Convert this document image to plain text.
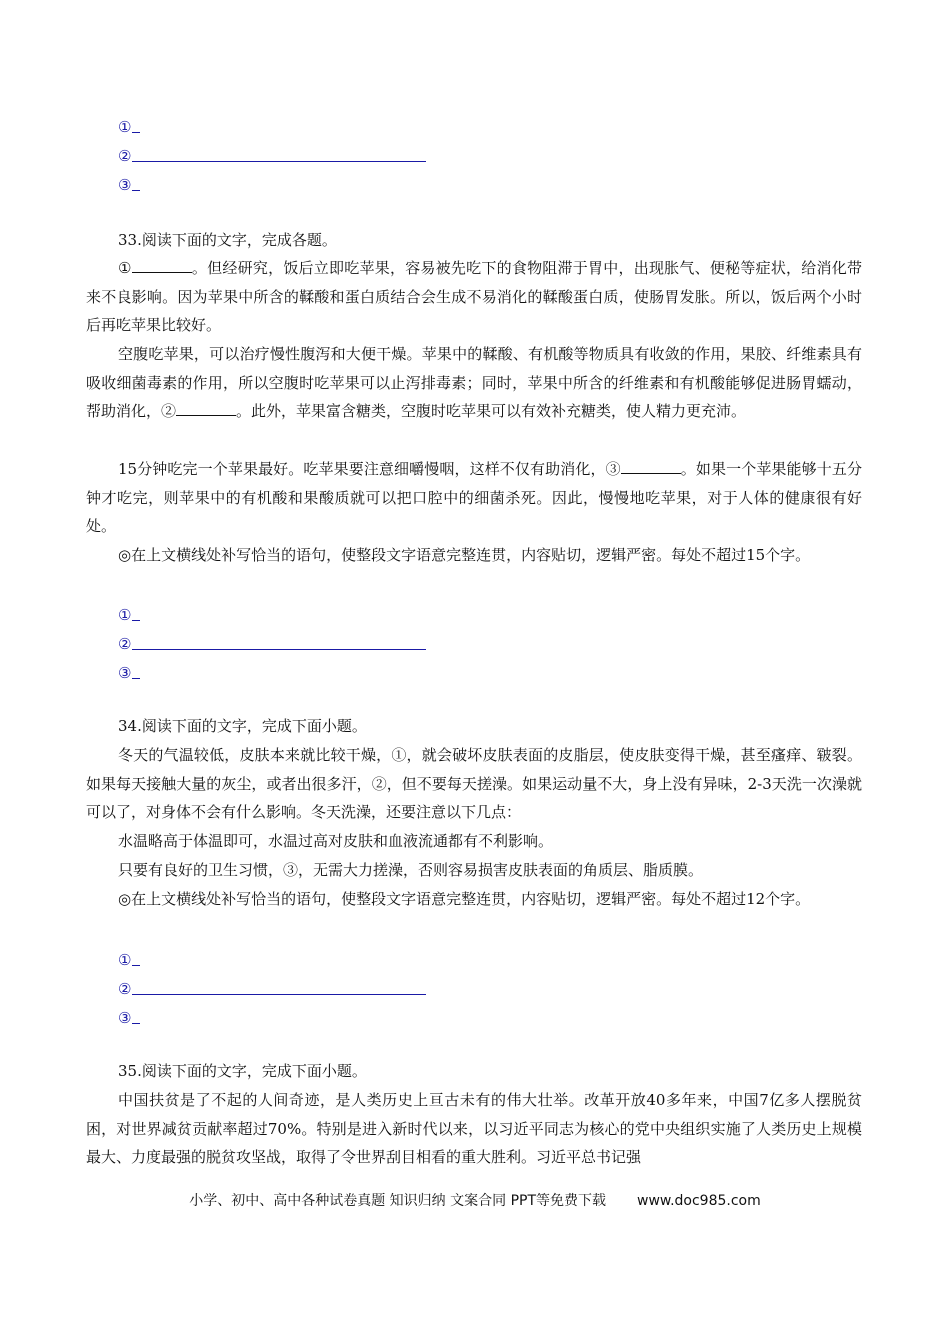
①
②
③
33.阅读下面的文字，完成各题。

①	。但经研究，饭后立即吃苹果，容易被先吃下的食物阻滞于胃中，出现胀气、便秘等症状，给消化带来不良影响。因为苹果中所含的鞣酸和蛋白质结合会生成不易消化的鞣酸蛋白质，使肠胃发胀。所以，饭后两个小时后再吃苹果比较好。

空腹吃苹果，可以治疗慢性腹泻和大便干燥。苹果中的鞣酸、有机酸等物质具有收敛的作用，果胶、纤维素具有吸收细菌毒素的作用，所以空腹时吃苹果可以止泻排毒素；同时，苹果中所含的纤维素和有机酸能够促进肠胃蠕动，帮助消化，②	。此外，苹果富含糖类，空腹时吃苹果可以有效补充糖类，使人精力更充沛。

15分钟吃完一个苹果最好。吃苹果要注意细嚼慢咽，这样不仅有助消化，③	。如果一个苹果能够十五分钟才吃完，则苹果中的有机酸和果酸质就可以把口腔中的细菌杀死。因此，慢慢地吃苹果，对于人体的健康很有好处。

◎在上文横线处补写恰当的语句，使整段文字语意完整连贯，内容贴切，逻辑严密。每处不超过15个字。

①
②
③
34.阅读下面的文字，完成下面小题。

冬天的气温较低，皮肤本来就比较干燥，①，就会破坏皮肤表面的皮脂层，使皮肤变得干燥，甚至瘙痒、皲裂。如果每天接触大量的灰尘，或者出很多汗，②，但不要每天搓澡。如果运动量不大，身上没有异味，2-3天洗一次澡就可以了，对身体不会有什么影响。冬天洗澡，还要注意以下几点：

水温略高于体温即可，水温过高对皮肤和血液流通都有不利影响。

只要有良好的卫生习惯，③，无需大力搓澡，否则容易损害皮肤表面的角质层、脂质膜。

◎在上文横线处补写恰当的语句，使整段文字语意完整连贯，内容贴切，逻辑严密。每处不超过12个字。

①
②
③
35.阅读下面的文字，完成下面小题。

中国扶贫是了不起的人间奇迹，是人类历史上亘古未有的伟大壮举。改革开放40多年来，中国7亿多人摆脱贫困，对世界减贫贡献率超过70%。特别是进入新时代以来，以习近平同志为核心的党中央组织实施了人类历史上规模最大、力度最强的脱贫攻坚战，取得了令世界刮目相看的重大胜利。习近平总书记强

小学、初中、高中各种试卷真题 知识归纳 文案合同 PPT等免费下载 www.doc985.com
